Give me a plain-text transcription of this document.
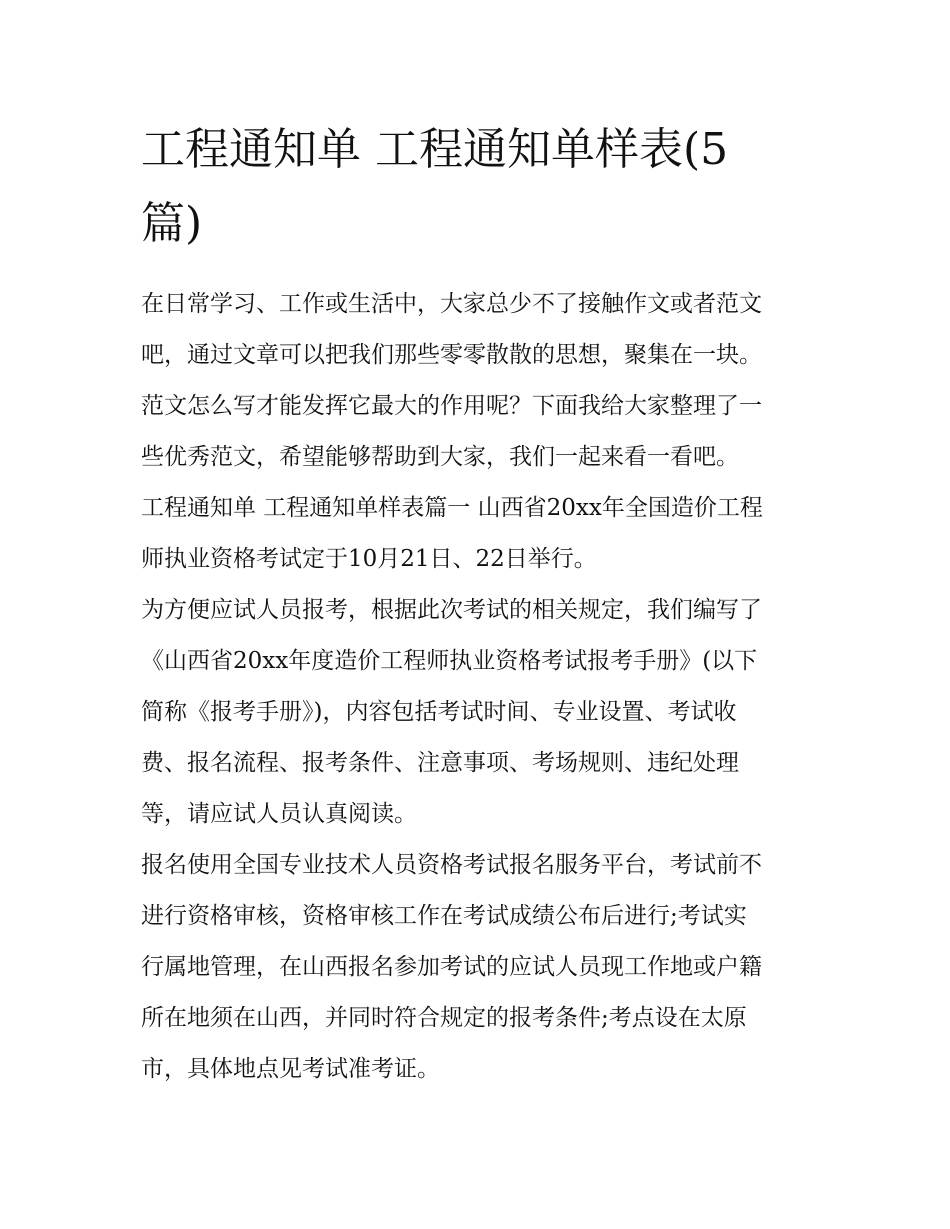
工程通知单 工程通知单样表(5
篇)

在日常学习、工作或生活中，大家总少不了接触作文或者范文
吧，通过文章可以把我们那些零零散散的思想，聚集在一块。
范文怎么写才能发挥它最大的作用呢？下面我给大家整理了一
些优秀范文，希望能够帮助到大家，我们一起来看一看吧。

工程通知单 工程通知单样表篇一 山西省20xx年全国造价工程
师执业资格考试定于10月21日、22日举行。

为方便应试人员报考，根据此次考试的相关规定，我们编写了
《山西省20xx年度造价工程师执业资格考试报考手册》(以下
简称《报考手册》)，内容包括考试时间、专业设置、考试收
费、报名流程、报考条件、注意事项、考场规则、违纪处理
等，请应试人员认真阅读。

报名使用全国专业技术人员资格考试报名服务平台，考试前不
进行资格审核，资格审核工作在考试成绩公布后进行;考试实
行属地管理，在山西报名参加考试的应试人员现工作地或户籍
所在地须在山西，并同时符合规定的报考条件;考点设在太原
市，具体地点见考试准考证。
